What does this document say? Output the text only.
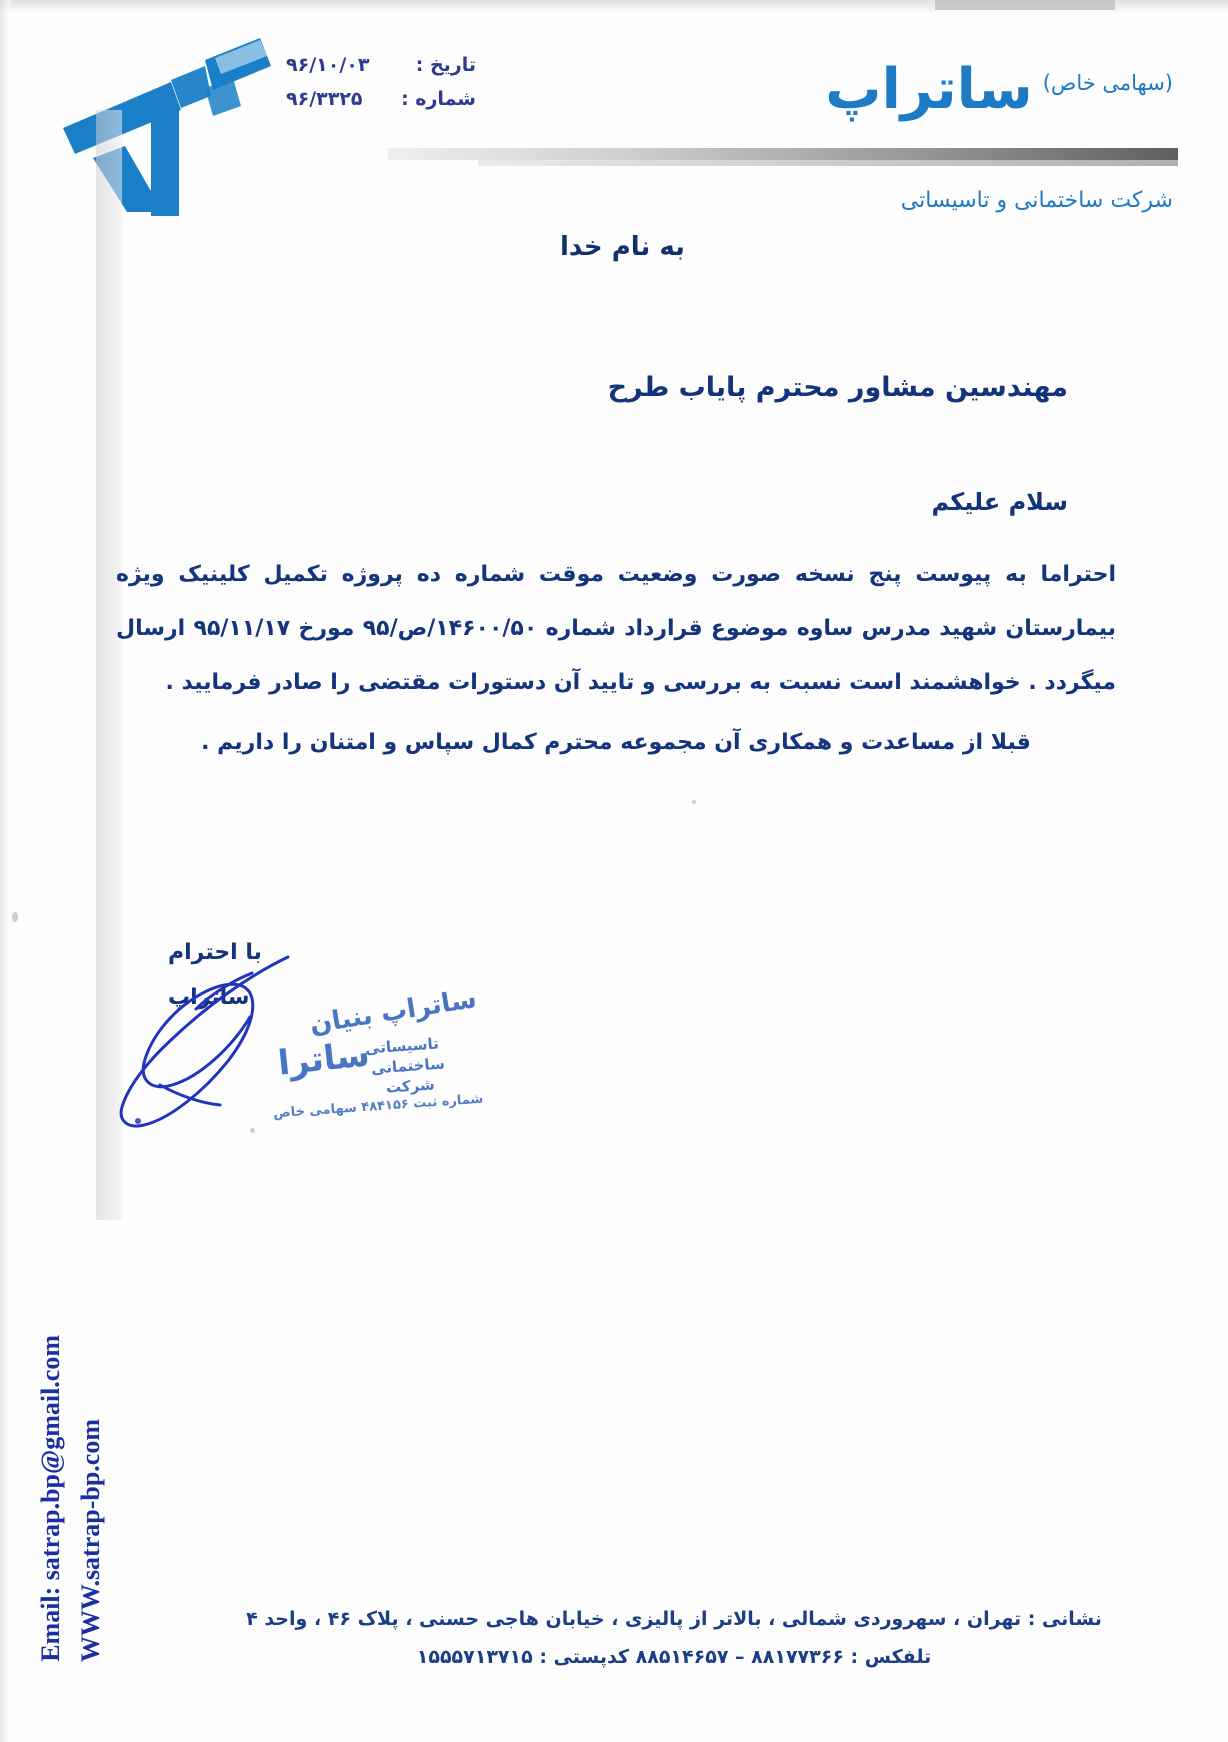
تاریخ :
۹۶/۱۰/۰۳
شماره :
۹۶/۳۳۲۵
(سهامی خاص)ساتراپ
شرکت ساختمانی و تاسیساتی
به نام خدا
مهندسین مشاور محترم پایاب طرح
سلام علیکم

احتراما به پیوست پنج نسخه صورت وضعیت موقت شماره ده پروژه تکمیل کلینیک ویژه بیمارستان شهید مدرس ساوه موضوع قرارداد شماره ۱۴۶۰۰/۵۰/ص/۹۵ مورخ ۹۵/۱۱/۱۷ ارسال میگردد . خواهشمند است نسبت به بررسی و تایید آن دستورات مقتضی را صادر فرمایید .

قبلا از مساعدت و همکاری آن مجموعه محترم کمال سپاس و امتنان را داریم .

با احترام
ساتراپ ساتراپ بنیان
تاسیساتی
ساختمانی
شرکت
شماره ثبت ۴۸۴۱۵۶ سهامی خاص
ساترا
Email: satrap.bp@gmail.com WWW.satrap-bp.com	نشانی : تهران ، سهروردی شمالی ، بالاتر از پالیزی ، خیابان هاجی حسنی ، پلاک ۴۶ ، واحد ۴
تلفکس : ۸۸۱۷۷۳۶۶ – ۸۸۵۱۴۶۵۷ کدپستی : ۱۵۵۵۷۱۳۷۱۵
